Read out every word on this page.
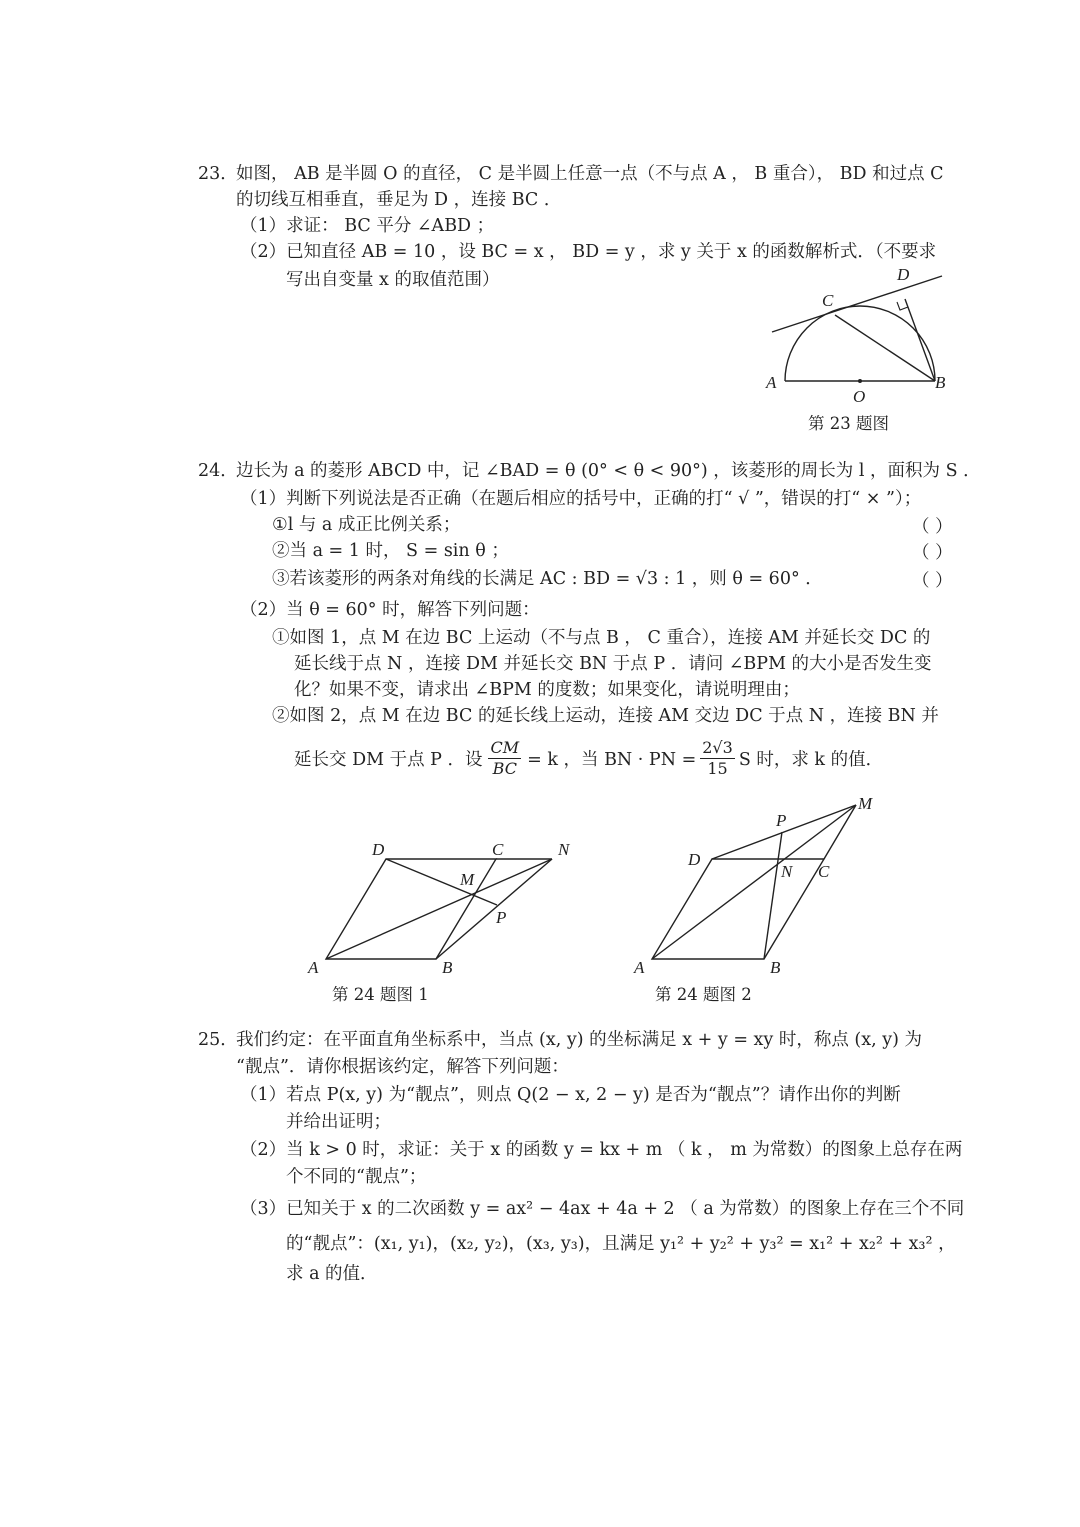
23．
如图， AB 是半圆 O 的直径， C 是半圆上任意一点（不与点 A ， B 重合）， BD 和过点 C
的切线互相垂直，垂足为 D ，连接 BC ．
（1）求证： BC 平分 ∠ABD ；
（2）已知直径 AB = 10 ，设 BC = x ， BD = y ，求 y 关于 x 的函数解析式．（不要求
写出自变量 x 的取值范围）	D
C
A
O
B
第 23 题图
24．
边长为 a 的菱形 ABCD 中，记 ∠BAD = θ (0° < θ < 90°) ，该菱形的周长为 l ，面积为 S ．
（1）判断下列说法是否正确（在题后相应的括号中，正确的打“ √ ”，错误的打“ × ”）；
①l 与 a 成正比例关系；	（ ）
②当 a = 1 时， S = sin θ ；	（ ）
③若该菱形的两条对角线的长满足 AC : BD = √3 : 1 ，则 θ = 60° ．	（ ）
（2）当 θ = 60° 时，解答下列问题：
①如图 1，点 M 在边 BC 上运动（不与点 B ， C 重合），连接 AM 并延长交 DC 的
延长线于点 N ，连接 DM 并延长交 BN 于点 P ．请问 ∠BPM 的大小是否发生变
化？如果不变，请求出 ∠BPM 的度数；如果变化，请说明理由；
②如图 2，点 M 在边 BC 的延长线上运动，连接 AM 交边 DC 于点 N ，连接 BN 并
延长交 DM 于点 P ．设 $\frac{CM}{BC} = k$ ，当 BN · PN = $\frac{2√3}{15}$ S 时，求 k 的值．
D	C	N
M
P
A	B
第 24 题图 1
P
M
D
N C
A	B
第 24 题图 2
25．
我们约定：在平面直角坐标系中，当点 (x, y) 的坐标满足 x + y = xy 时，称点 (x, y) 为
“靓点”．请你根据该约定，解答下列问题：
（1）若点 P(x, y) 为“靓点”，则点 Q(2 − x, 2 − y) 是否为“靓点”？请作出你的判断
并给出证明；
（2）当 k > 0 时，求证：关于 x 的函数 y = kx + m （ k ， m 为常数）的图象上总存在两
个不同的“靓点”；
（3）已知关于 x 的二次函数 y = ax² − 4ax + 4a + 2 （ a 为常数）的图象上存在三个不同
的“靓点”：(x₁, y₁)，(x₂, y₂)，(x₃, y₃)，且满足 y₁² + y₂² + y₃² = x₁² + x₂² + x₃² ，
求 a 的值．
